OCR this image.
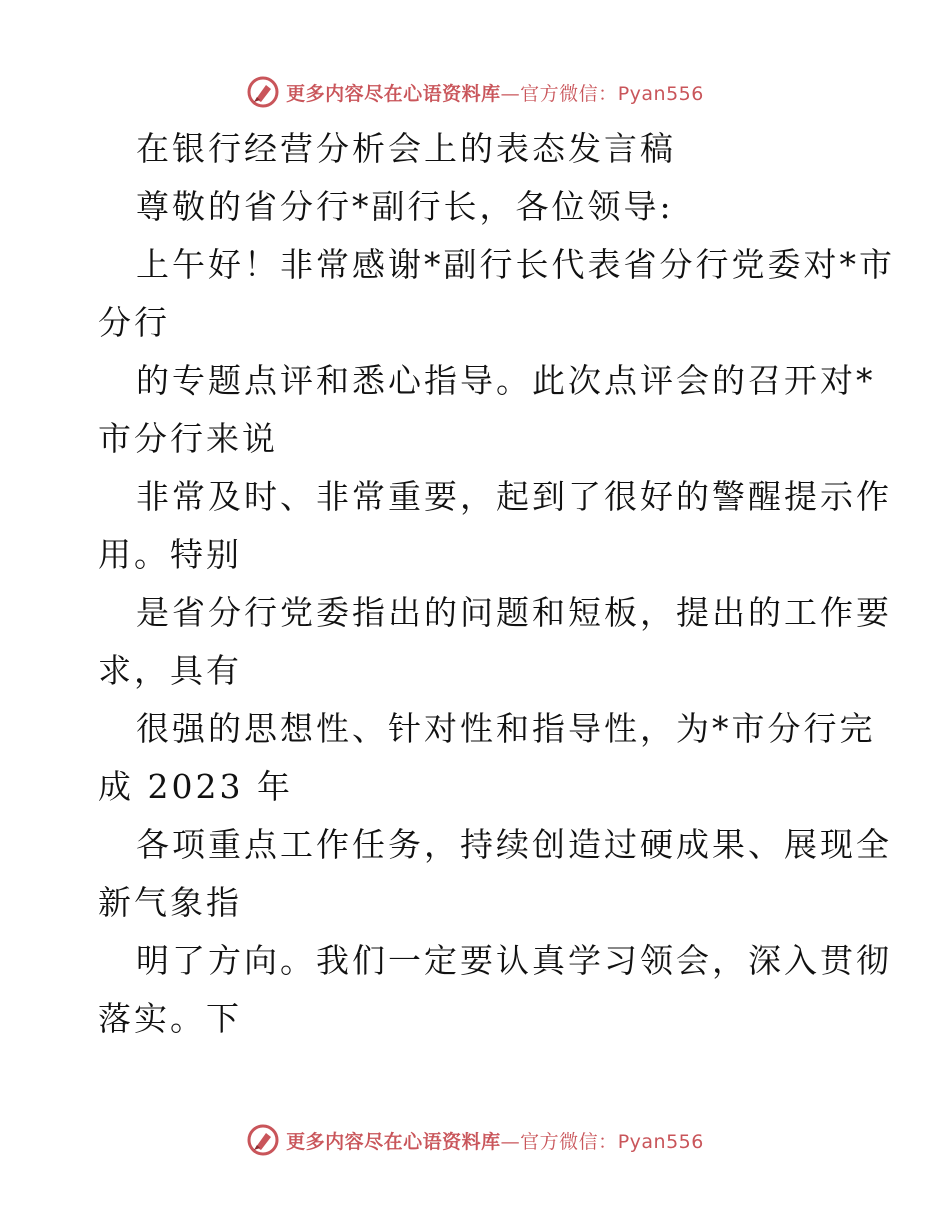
更多内容尽在心语资料库—官方微信：Pyan556
在银行经营分析会上的表态发言稿
尊敬的省分行*副行长，各位领导:
上午好！非常感谢*副行长代表省分行党委对*市
分行
的专题点评和悉心指导。此次点评会的召开对*
市分行来说
非常及时、非常重要，起到了很好的警醒提示作
用。特别
是省分行党委指出的问题和短板，提出的工作要
求，具有
很强的思想性、针对性和指导性，为*市分行完
成 2023 年
各项重点工作任务，持续创造过硬成果、展现全
新气象指
明了方向。我们一定要认真学习领会，深入贯彻
落实。下
更多内容尽在心语资料库—官方微信：Pyan556
